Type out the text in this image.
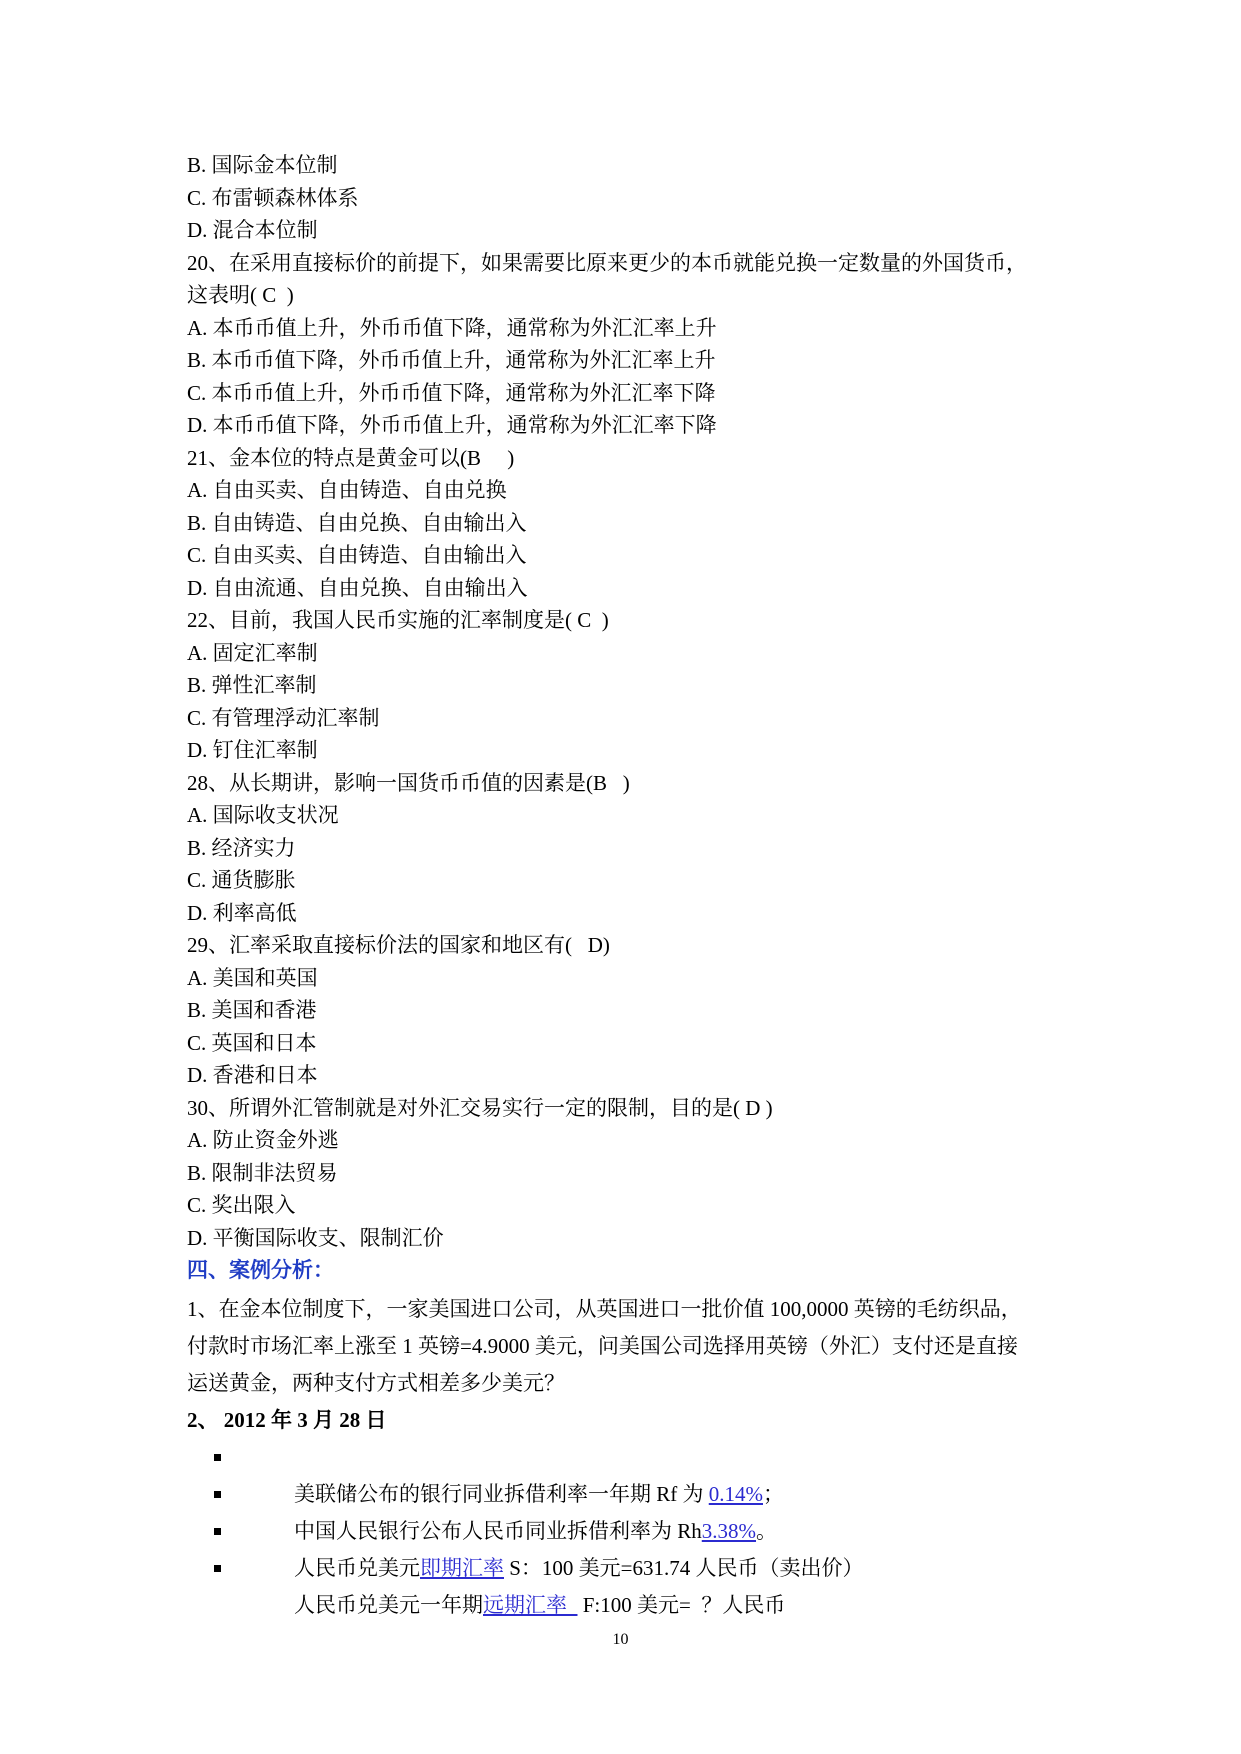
B. 国际金本位制
C. 布雷顿森林体系
D. 混合本位制
20、在采用直接标价的前提下，如果需要比原来更少的本币就能兑换一定数量的外国货币，
这表明( C  )
A. 本币币值上升，外币币值下降，通常称为外汇汇率上升
B. 本币币值下降，外币币值上升，通常称为外汇汇率上升
C. 本币币值上升，外币币值下降，通常称为外汇汇率下降
D. 本币币值下降，外币币值上升，通常称为外汇汇率下降
21、金本位的特点是黄金可以(B     )
A. 自由买卖、自由铸造、自由兑换
B. 自由铸造、自由兑换、自由输出入
C. 自由买卖、自由铸造、自由输出入
D. 自由流通、自由兑换、自由输出入
22、目前，我国人民币实施的汇率制度是( C  )
A. 固定汇率制
B. 弹性汇率制
C. 有管理浮动汇率制
D. 钉住汇率制
28、从长期讲，影响一国货币币值的因素是(B   )
A. 国际收支状况
B. 经济实力
C. 通货膨胀
D. 利率高低
29、汇率采取直接标价法的国家和地区有(   D)
A. 美国和英国
B. 美国和香港
C. 英国和日本
D. 香港和日本
30、所谓外汇管制就是对外汇交易实行一定的限制，目的是( D )
A. 防止资金外逃
B. 限制非法贸易
C. 奖出限入
D. 平衡国际收支、限制汇价
四、案例分析：
1、在金本位制度下，一家美国进口公司，从英国进口一批价值 100,0000 英镑的毛纺织品，
付款时市场汇率上涨至 1 英镑=4.9000 美元，问美国公司选择用英镑（外汇）支付还是直接
运送黄金，两种支付方式相差多少美元？
2、 2012 年 3 月 28 日

美联储公布的银行同业拆借利率一年期 Rf 为 0.14%；

中国人民银行公布人民币同业拆借利率为 Rh3.38%。

人民币兑美元即期汇率 S：100 美元=631.74 人民币（卖出价）

人民币兑美元一年期远期汇率   F:100 美元=  ？人民币

10
